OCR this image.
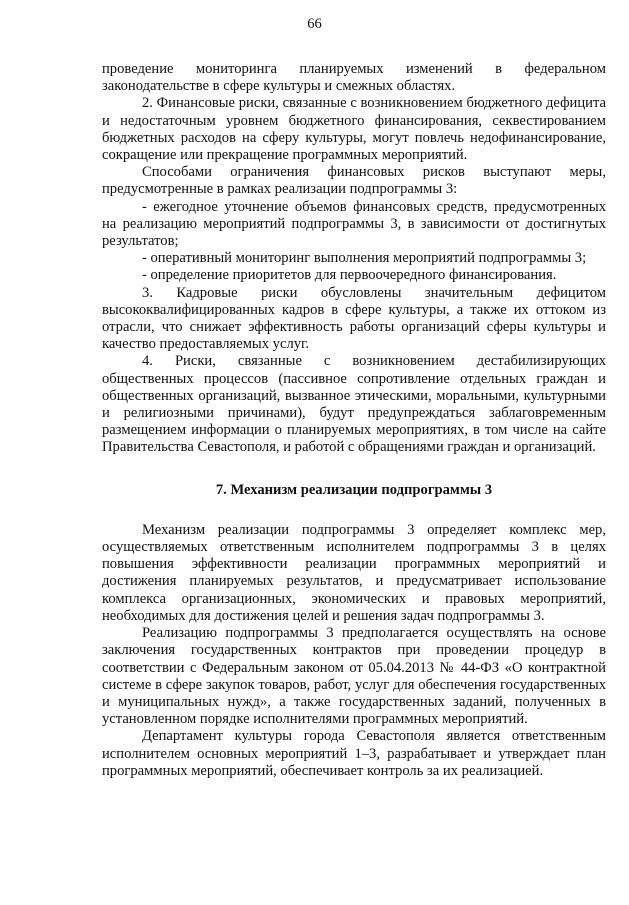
66

проведение мониторинга планируемых изменений в федеральном законодательстве в сфере культуры и смежных областях.

2. Финансовые риски, связанные с возникновением бюджетного дефицита и недостаточным уровнем бюджетного финансирования, секвестированием бюджетных расходов на сферу культуры, могут повлечь недофинансирование, сокращение или прекращение программных мероприятий.

Способами ограничения финансовых рисков выступают меры, предусмотренные в рамках реализации подпрограммы 3:

- ежегодное уточнение объемов финансовых средств, предусмотренных на реализацию мероприятий подпрограммы 3, в зависимости от достигнутых результатов;

- оперативный мониторинг выполнения мероприятий подпрограммы 3;

- определение приоритетов для первоочередного финансирования.

3. Кадровые риски обусловлены значительным дефицитом высококвалифицированных кадров в сфере культуры, а также их оттоком из отрасли, что снижает эффективность работы организаций сферы культуры и качество предоставляемых услуг.

4. Риски, связанные с возникновением дестабилизирующих общественных процессов (пассивное сопротивление отдельных граждан и общественных организаций, вызванное этическими, моральными, культурными и религиозными причинами), будут предупреждаться заблаговременным размещением информации о планируемых мероприятиях, в том числе на сайте Правительства Севастополя, и работой с обращениями граждан и организаций.

7. Механизм реализации подпрограммы 3

Механизм реализации подпрограммы 3 определяет комплекс мер, осуществляемых ответственным исполнителем подпрограммы 3 в целях повышения эффективности реализации программных мероприятий и достижения планируемых результатов, и предусматривает использование комплекса организационных, экономических и правовых мероприятий, необходимых для достижения целей и решения задач подпрограммы 3.

Реализацию подпрограммы 3 предполагается осуществлять на основе заключения государственных контрактов при проведении процедур в соответствии с Федеральным законом от 05.04.2013 № 44-ФЗ «О контрактной системе в сфере закупок товаров, работ, услуг для обеспечения государственных и муниципальных нужд», а также государственных заданий, полученных в установленном порядке исполнителями программных мероприятий.

Департамент культуры города Севастополя является ответственным исполнителем основных мероприятий 1–3, разрабатывает и утверждает план программных мероприятий, обеспечивает контроль за их реализацией.
